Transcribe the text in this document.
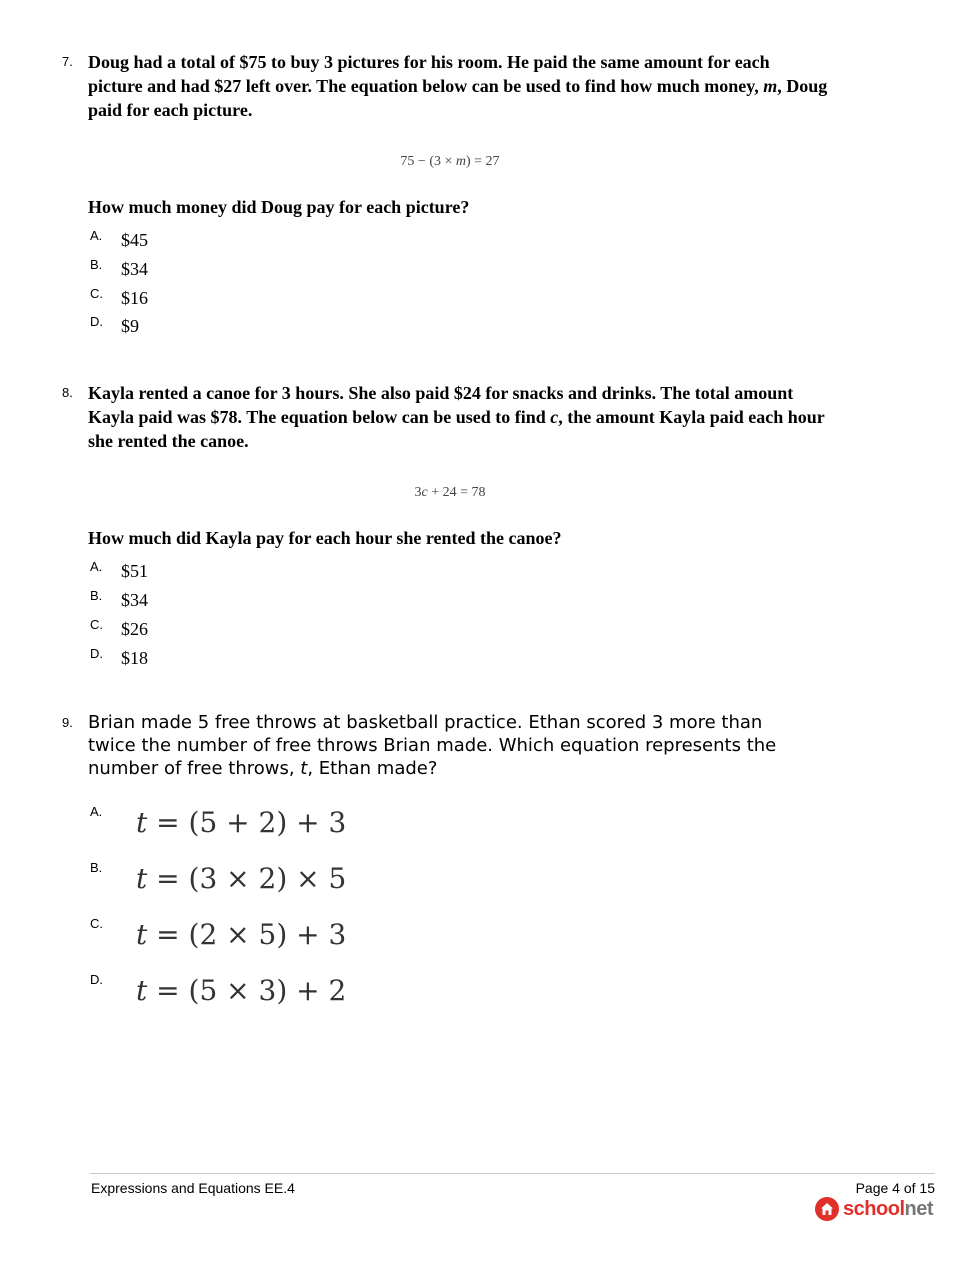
7. Doug had a total of $75 to buy 3 pictures for his room. He paid the same amount for each picture and had $27 left over. The equation below can be used to find how much money, m, Doug paid for each picture.
75 − (3 × m) = 27
How much money did Doug pay for each picture?
A. $45
B. $34
C. $16
D. $9
8. Kayla rented a canoe for 3 hours. She also paid $24 for snacks and drinks. The total amount Kayla paid was $78. The equation below can be used to find c, the amount Kayla paid each hour she rented the canoe.
3c + 24 = 78
How much did Kayla pay for each hour she rented the canoe?
A. $51
B. $34
C. $26
D. $18
9. Brian made 5 free throws at basketball practice. Ethan scored 3 more than twice the number of free throws Brian made. Which equation represents the number of free throws, t, Ethan made?
A. t = (5 + 2) + 3
B. t = (3 × 2) × 5
C. t = (2 × 5) + 3
D. t = (5 × 3) + 2
Expressions and Equations EE.4	Page 4 of 15
schoolnet
